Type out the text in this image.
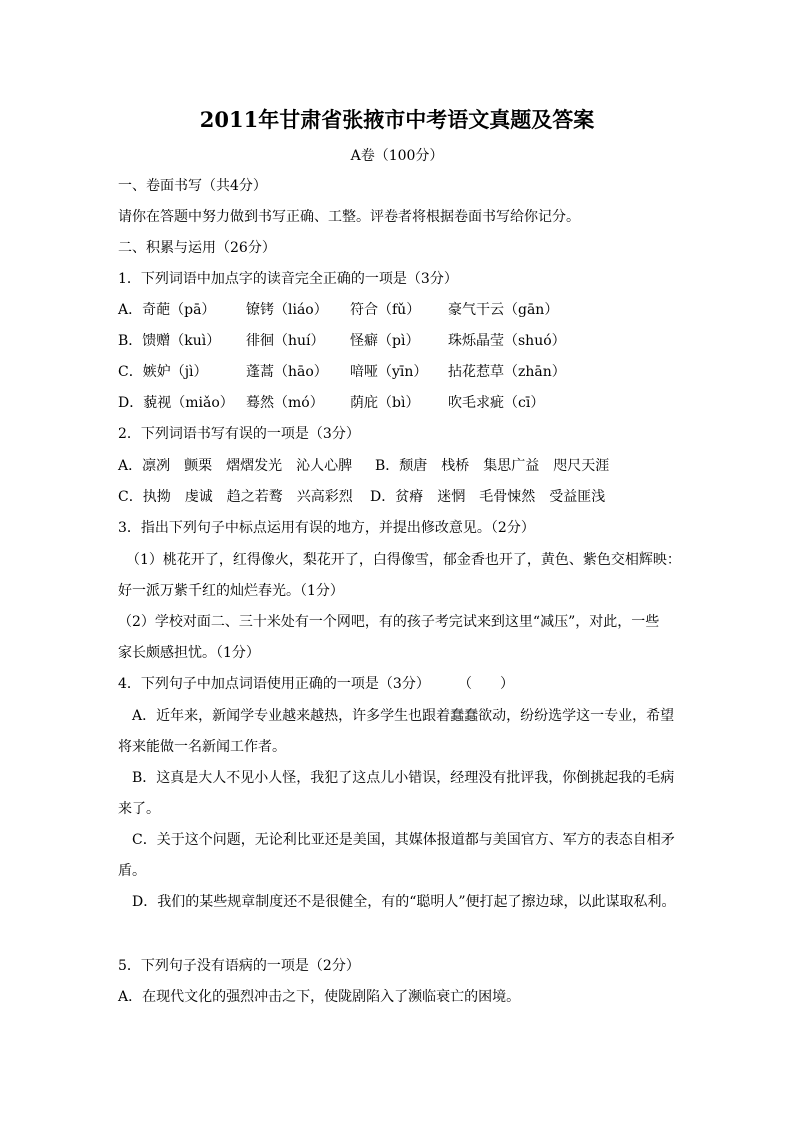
2011年甘肃省张掖市中考语文真题及答案
A卷（100分）
一、卷面书写（共4分）
请你在答题中努力做到书写正确、工整。评卷者将根据卷面书写给你记分。
二、积累与运用（26分）
1．下列词语中加点字的读音完全正确的一项是（3分）
A．奇葩（pā） 镣铐（liáo） 符合（fǔ） 豪气干云（gān）
B．馈赠（kuì） 徘徊（huí） 怪癖（pì） 珠烁晶莹（shuó）
C．嫉妒（jì）	蓬蒿（hāo） 喑哑（yīn） 拈花惹草（zhān）
D．藐视（miǎo） 蓦然（mó） 荫庇（bì） 吹毛求疵（cī）
2．下列词语书写有误的一项是（3分）
A．凛冽　颤栗　熠熠发光　沁人心脾 B．颓唐　栈桥　集思广益　咫尺天涯
C．执拗　虔诚　趋之若鹜　兴高彩烈 D．贫瘠　迷惘　毛骨悚然　受益匪浅
3．指出下列句子中标点运用有误的地方，并提出修改意见。（2分）
（1）桃花开了，红得像火，梨花开了，白得像雪，郁金香也开了，黄色、紫色交相辉映：
好一派万紫千红的灿烂春光。（1分）
（2）学校对面二、三十米处有一个网吧，有的孩子考完试来到这里“减压”，对此，一些
家长颇感担忧。（1分）
4．下列句子中加点词语使用正确的一项是（3分） （　　）
A．近年来，新闻学专业越来越热，许多学生也跟着蠢蠢欲动，纷纷选学这一专业，希望
将来能做一名新闻工作者。
B．这真是大人不见小人怪，我犯了这点儿小错误，经理没有批评我，你倒挑起我的毛病
来了。
C．关于这个问题，无论利比亚还是美国，其媒体报道都与美国官方、军方的表态自相矛
盾。
D．我们的某些规章制度还不是很健全，有的“聪明人”便打起了擦边球，以此谋取私利。
5．下列句子没有语病的一项是（2分）
A．在现代文化的强烈冲击之下，使陇剧陷入了濒临衰亡的困境。
